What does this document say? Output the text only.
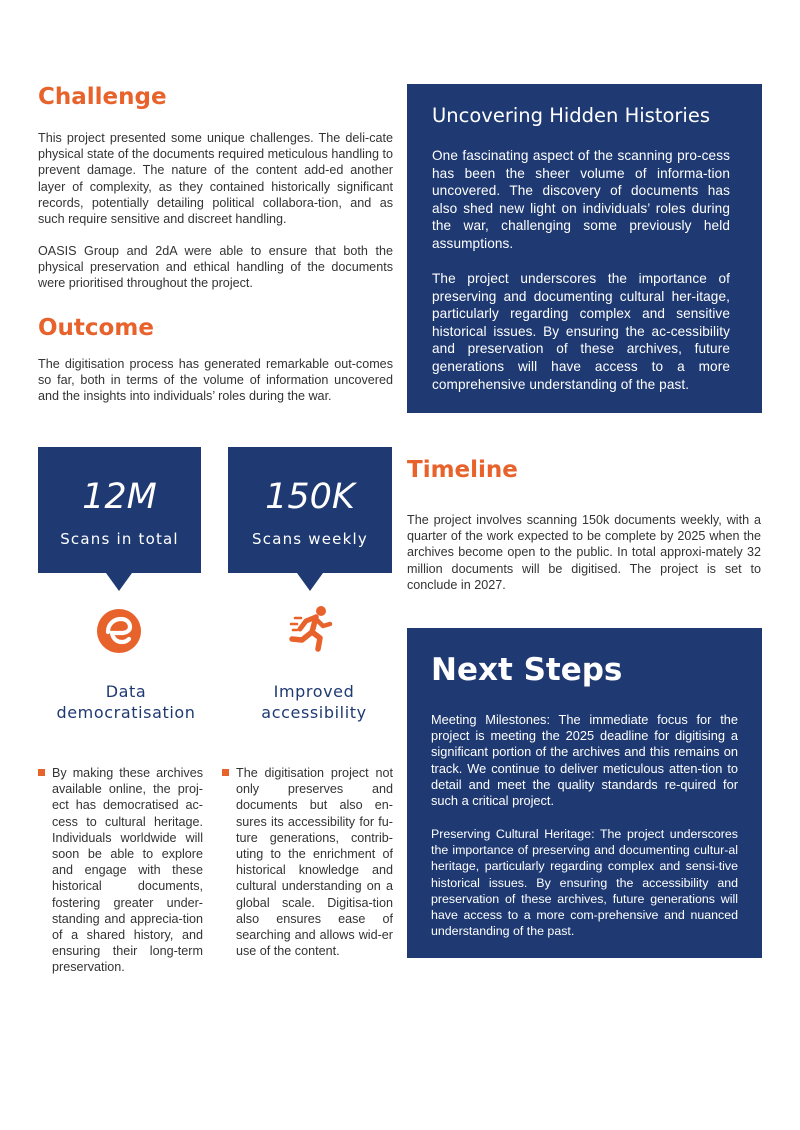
Challenge

This project presented some unique challenges. The deli-cate physical state of the documents required meticulous handling to prevent damage. The nature of the content add-ed another layer of complexity, as they contained historically significant records, potentially detailing political collabora-tion, and as such require sensitive and discreet handling.

OASIS Group and 2dA were able to ensure that both the physical preservation and ethical handling of the documents were prioritised throughout the project.

Outcome

The digitisation process has generated remarkable out-comes so far, both in terms of the volume of information uncovered and the insights into individuals’ roles during the war.

Uncovering Hidden Histories

One fascinating aspect of the scanning pro-cess has been the sheer volume of informa-tion uncovered. The discovery of documents has also shed new light on individuals’ roles during the war, challenging some previously held assumptions.

The project underscores the importance of preserving and documenting cultural her-itage, particularly regarding complex and sensitive historical issues. By ensuring the ac-cessibility and preservation of these archives, future generations will have access to a more comprehensive understanding of the past.

12M
Scans in total
150K
Scans weekly
Data
democratisation
Improved
accessibility

By making these archives available online, the proj-ect has democratised ac-cess to cultural heritage. Individuals worldwide will soon be able to explore and engage with these historical documents, fostering greater under-standing and apprecia-tion of a shared history, and ensuring their long-term preservation.

The digitisation project not only preserves and documents but also en-sures its accessibility for fu-ture generations, contrib-uting to the enrichment of historical knowledge and cultural understanding on a global scale. Digitisa-tion also ensures ease of searching and allows wid-er use of the content.

Timeline

The project involves scanning 150k documents weekly, with a quarter of the work expected to be complete by 2025 when the archives become open to the public. In total approxi-mately 32 million documents will be digitised. The project is set to conclude in 2027.

Next Steps

Meeting Milestones: The immediate focus for the project is meeting the 2025 deadline for digitising a significant portion of the archives and this remains on track. We continue to deliver meticulous atten-tion to detail and meet the quality standards re-quired for such a critical project.

Preserving Cultural Heritage: The project underscores the importance of preserving and documenting cultur-al heritage, particularly regarding complex and sensi-tive historical issues. By ensuring the accessibility and preservation of these archives, future generations will have access to a more com-prehensive and nuanced understanding of the past.
